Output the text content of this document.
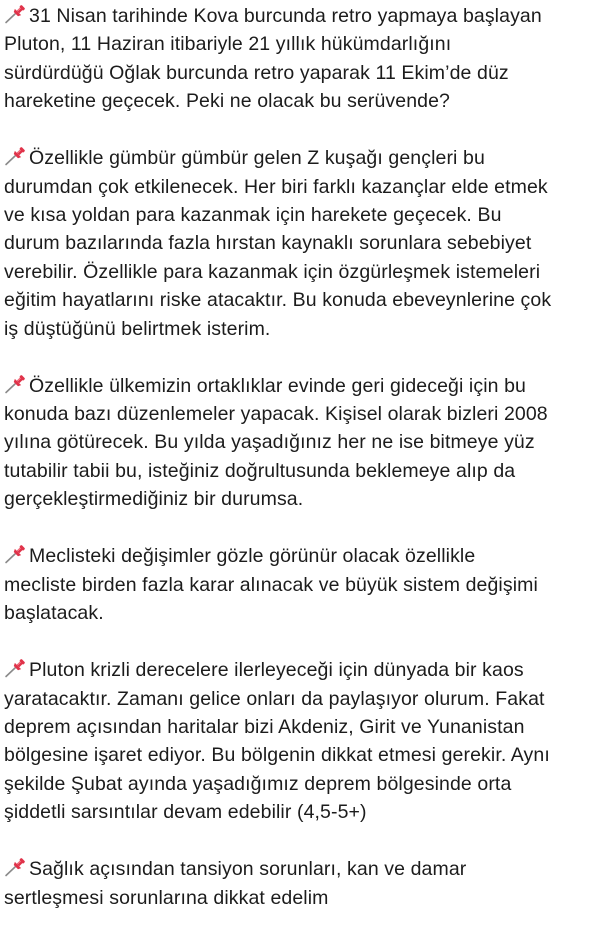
31 Nisan tarihinde Kova burcunda retro yapmaya başlayan
Pluton, 11 Haziran itibariyle 21 yıllık hükümdarlığını
sürdürdüğü Oğlak burcunda retro yaparak 11 Ekim’de düz
hareketine geçecek. Peki ne olacak bu serüvende?

Özellikle gümbür gümbür gelen Z kuşağı gençleri bu
durumdan çok etkilenecek. Her biri farklı kazançlar elde etmek
ve kısa yoldan para kazanmak için harekete geçecek. Bu
durum bazılarında fazla hırstan kaynaklı sorunlara sebebiyet
verebilir. Özellikle para kazanmak için özgürleşmek istemeleri
eğitim hayatlarını riske atacaktır. Bu konuda ebeveynlerine çok
iş düştüğünü belirtmek isterim.

Özellikle ülkemizin ortaklıklar evinde geri gideceği için bu
konuda bazı düzenlemeler yapacak. Kişisel olarak bizleri 2008
yılına götürecek. Bu yılda yaşadığınız her ne ise bitmeye yüz
tutabilir tabii bu, isteğiniz doğrultusunda beklemeye alıp da
gerçekleştirmediğiniz bir durumsa.

Meclisteki değişimler gözle görünür olacak özellikle
mecliste birden fazla karar alınacak ve büyük sistem değişimi
başlatacak.

Pluton krizli derecelere ilerleyeceği için dünyada bir kaos
yaratacaktır. Zamanı gelice onları da paylaşıyor olurum. Fakat
deprem açısından haritalar bizi Akdeniz, Girit ve Yunanistan
bölgesine işaret ediyor. Bu bölgenin dikkat etmesi gerekir. Aynı
şekilde Şubat ayında yaşadığımız deprem bölgesinde orta
şiddetli sarsıntılar devam edebilir (4,5-5+)

Sağlık açısından tansiyon sorunları, kan ve damar
sertleşmesi sorunlarına dikkat edelim
